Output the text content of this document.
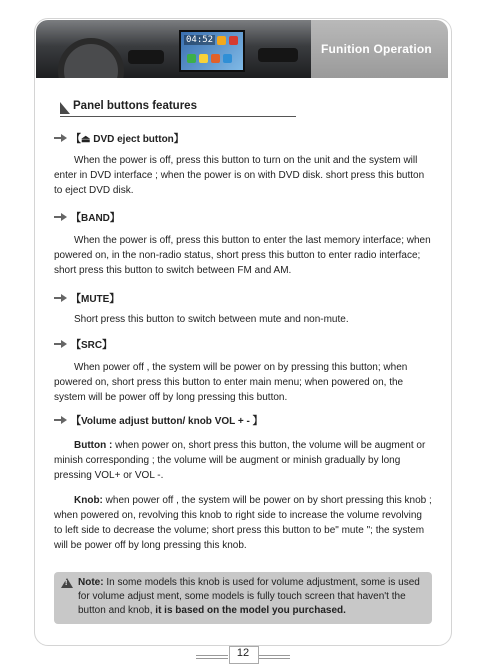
04:52
Funition Operation
Panel buttons features
【⏏ DVD eject button】
When the power is off, press this button to turn on the unit and the system will enter in DVD interface ; when the power is on with DVD disk. short press this button to eject DVD disk.
【BAND】
When the power is off, press this button to enter the last memory interface; when powered on, in the non-radio status, short press this button to enter radio interface; short press this button to switch between FM and AM.
【MUTE】
Short press this button to switch between mute and non-mute.
【SRC】
When power off , the system will be power on by pressing this button; when powered on, short press this button to enter main menu; when powered on, the system will be power off by long pressing this button.
【Volume adjust button/ knob VOL + - 】
Button : when power on, short press this button, the volume will be augment or minish corresponding ; the volume will be augment or minish gradually by long pressing VOL+ or VOL -.
Knob: when power off , the system will be power on by short pressing this knob ; when powered on, revolving this knob to right side to increase the volume revolving to left side to decrease the volume; short press this button to be" mute "; the system will be power off by long pressing this knob.
! Note: In some models this knob is used for volume adjustment, some is used for volume adjust ment, some models is fully touch screen that haven't the button and knob, it is based on the model you purchased.
12
